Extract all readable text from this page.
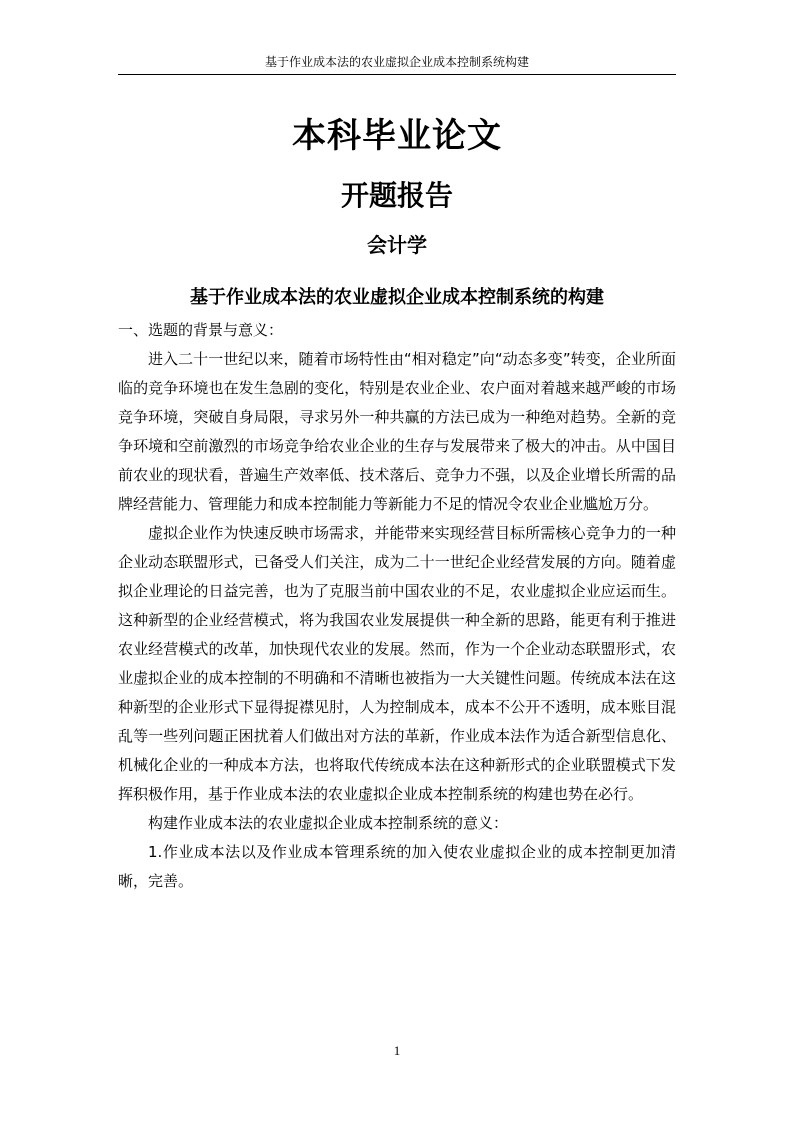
基于作业成本法的农业虚拟企业成本控制系统构建
本科毕业论文
开题报告
会计学
基于作业成本法的农业虚拟企业成本控制系统的构建

一、选题的背景与意义：

进入二十一世纪以来，随着市场特性由“相对稳定”向“动态多变”转变，企业所面临的竞争环境也在发生急剧的变化，特别是农业企业、农户面对着越来越严峻的市场竞争环境，突破自身局限，寻求另外一种共赢的方法已成为一种绝对趋势。全新的竞争环境和空前激烈的市场竞争给农业企业的生存与发展带来了极大的冲击。从中国目前农业的现状看，普遍生产效率低、技术落后、竞争力不强，以及企业增长所需的品牌经营能力、管理能力和成本控制能力等新能力不足的情况令农业企业尴尬万分。

虚拟企业作为快速反映市场需求，并能带来实现经营目标所需核心竞争力的一种企业动态联盟形式，已备受人们关注，成为二十一世纪企业经营发展的方向。随着虚拟企业理论的日益完善，也为了克服当前中国农业的不足，农业虚拟企业应运而生。这种新型的企业经营模式，将为我国农业发展提供一种全新的思路，能更有利于推进农业经营模式的改革，加快现代农业的发展。然而，作为一个企业动态联盟形式，农业虚拟企业的成本控制的不明确和不清晰也被指为一大关键性问题。传统成本法在这种新型的企业形式下显得捉襟见肘，人为控制成本，成本不公开不透明，成本账目混乱等一些列问题正困扰着人们做出对方法的革新，作业成本法作为适合新型信息化、机械化企业的一种成本方法，也将取代传统成本法在这种新形式的企业联盟模式下发挥积极作用，基于作业成本法的农业虚拟企业成本控制系统的构建也势在必行。

构建作业成本法的农业虚拟企业成本控制系统的意义：

1.作业成本法以及作业成本管理系统的加入使农业虚拟企业的成本控制更加清晰，完善。

1
